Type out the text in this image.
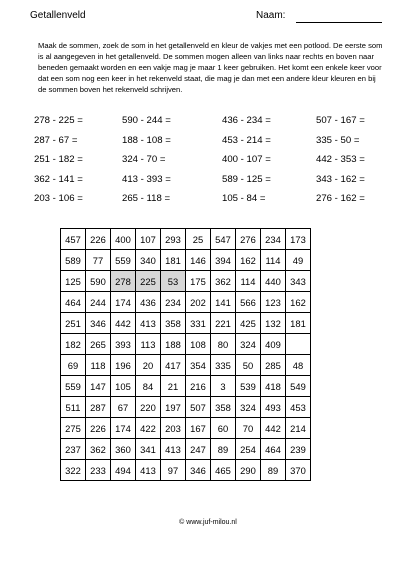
Getallenveld	Naam:
Maak de sommen, zoek de som in het getallenveld en kleur de vakjes met een potlood. De eerste som is al aangegeven in het getallenveld. De sommen mogen alleen van links naar rechts en boven naar beneden gemaakt worden en een vakje mag je maar 1 keer gebruiken. Het komt een enkele keer voor dat een som nog een keer in het rekenveld staat, die mag je dan met een andere kleur kleuren en bij de sommen boven het rekenveld schrijven.
278 - 225 =	590 - 244 =	436 - 234 =	507 - 167 =
287 - 67 =	188 - 108 =	453 - 214 =	335 - 50 =
251 - 182 =	324 - 70 =	400 - 107 =	442 - 353 =
362 - 141 =	413 - 393 =	589 - 125 =	343 - 162 =
203 - 106 =	265 - 118 =	105 - 84 =	276 - 162 =
457	226	400	107	293	25	547	276	234	173
589	77	559	340	181	146	394	162	114	49
125	590	278	225	53	175	362	114	440	343
464	244	174	436	234	202	141	566	123	162
251	346	442	413	358	331	221	425	132	181
182	265	393	113	188	108	80	324	409	
69	118	196	20	417	354	335	50	285	48
559	147	105	84	21	216	3	539	418	549
511	287	67	220	197	507	358	324	493	453
275	226	174	422	203	167	60	70	442	214
237	362	360	341	413	247	89	254	464	239
322	233	494	413	97	346	465	290	89	370
© www.juf-milou.nl
